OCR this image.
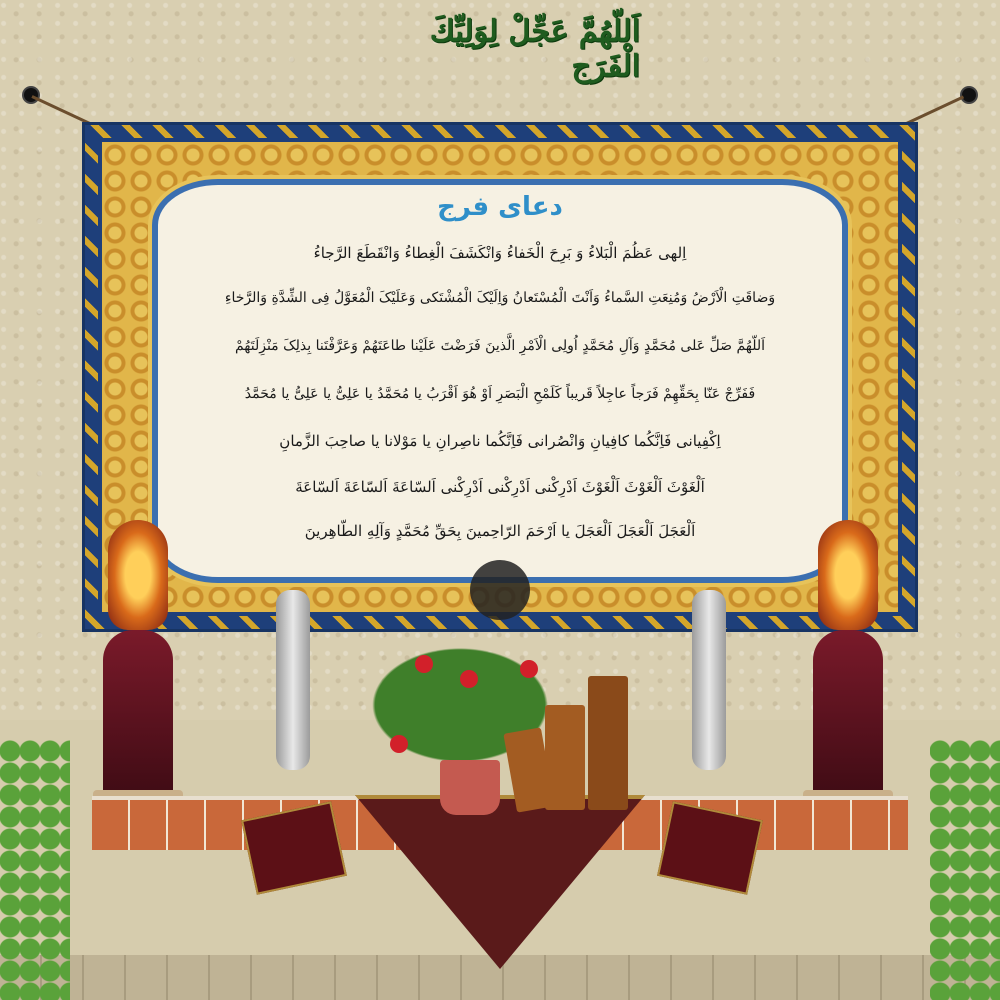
اَللّهُمَّ عَجِّلْ لِوَلِيِّكَ الْفَرَج
دعای فرج
اِلهی عَظُمَ الْبَلاءُ وَ بَرِحَ الْخَفاءُ وَانْکَشَفَ الْغِطاءُ وَانْقَطَعَ الرَّجاءُ
وَضاقَتِ الْاَرْضُ وَمُنِعَتِ السَّماءُ وَاَنْتَ الْمُسْتَعانُ وَاِلَیْکَ الْمُشْتَکی وَعَلَیْکَ الْمُعَوَّلُ فِی الشِّدَّةِ وَالرَّخاءِ
اَللّهُمَّ صَلِّ عَلی مُحَمَّدٍ وَآلِ مُحَمَّدٍ اُولِی الْاَمْرِ الَّذینَ فَرَضْتَ عَلَیْنا طاعَتَهُمْ وَعَرَّفْتَنا بِذلِکَ مَنْزِلَتَهُمْ
فَفَرِّجْ عَنّا بِحَقِّهِمْ فَرَجاً عاجِلاً قَریباً کَلَمْحِ الْبَصَرِ اَوْ هُوَ اَقْرَبُ یا مُحَمَّدُ یا عَلِیُّ یا عَلِیُّ یا مُحَمَّدُ
اِکْفِیانی فَاِنَّکُما کافِیانِ وَانْصُرانی فَاِنَّکُما ناصِرانِ یا مَوْلانا یا صاحِبَ الزَّمانِ
اَلْغَوْثَ اَلْغَوْثَ اَلْغَوْثَ اَدْرِکْنی اَدْرِکْنی اَدْرِکْنی اَلسّاعَةَ اَلسّاعَةَ اَلسّاعَةَ
اَلْعَجَلَ اَلْعَجَلَ اَلْعَجَلَ یا اَرْحَمَ الرّاحِمینَ بِحَقِّ مُحَمَّدٍ وَآلِهِ الطّاهِرینَ
